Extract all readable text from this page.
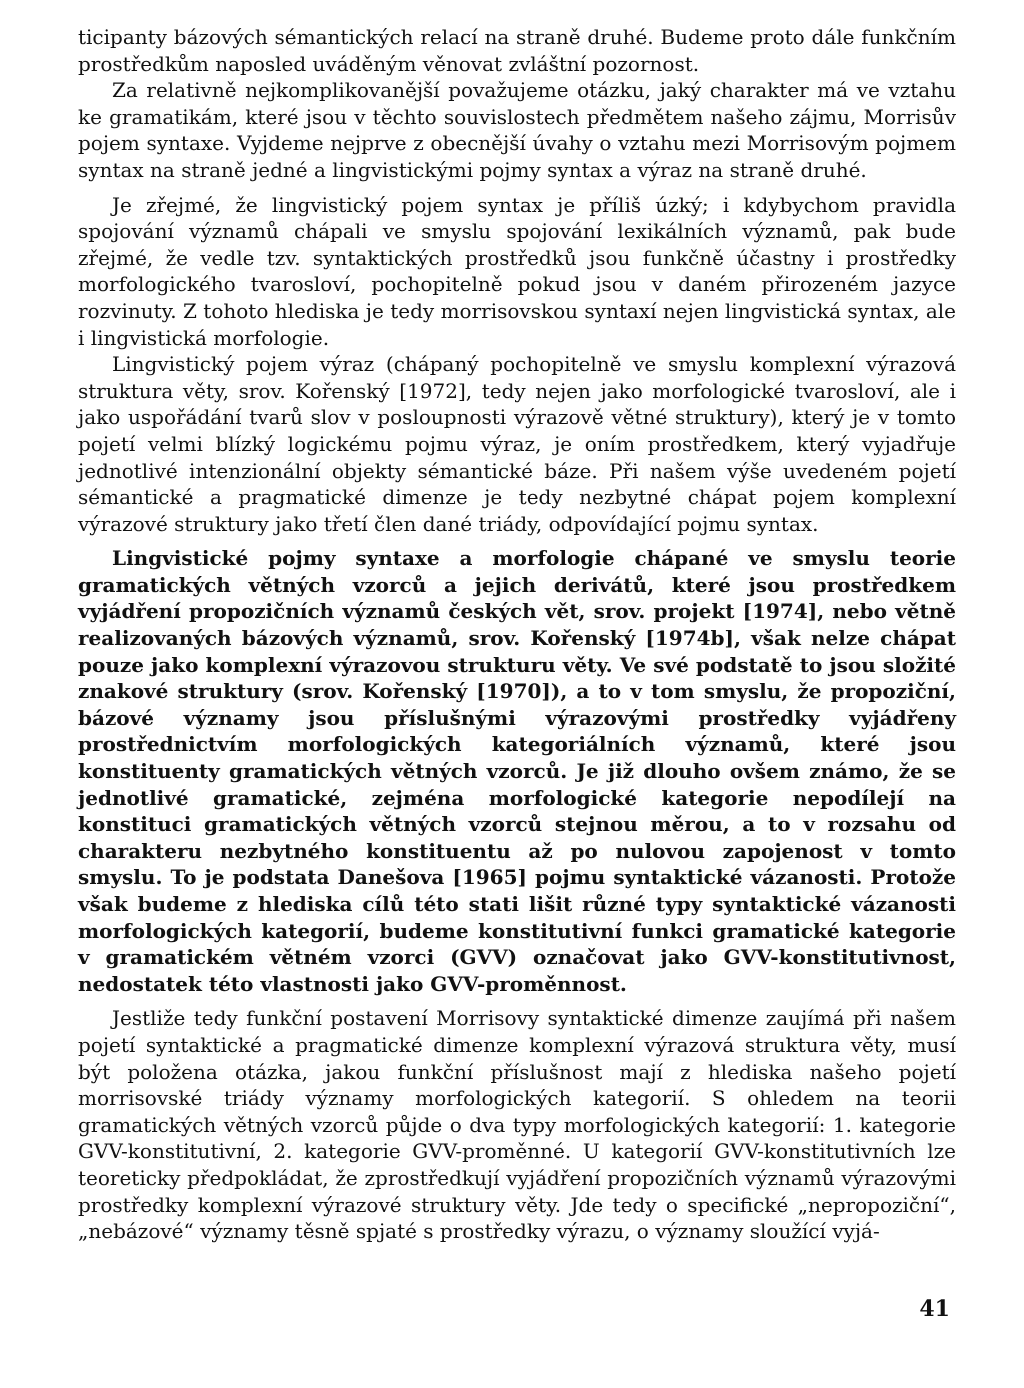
ticipanty bázových sémantických relací na straně druhé. Budeme proto dále funkčním prostředkům naposled uváděným věnovat zvláštní pozornost.

Za relativně nejkomplikovanější považujeme otázku, jaký charakter má ve vztahu ke gramatikám, které jsou v těchto souvislostech předmětem našeho zájmu, Morrisův pojem syntaxe. Vyjdeme nejprve z obecnější úvahy o vztahu mezi Morrisovým pojmem syntax na straně jedné a lingvistickými pojmy syntax a výraz na straně druhé.

Je zřejmé, že lingvistický pojem syntax je příliš úzký; i kdybychom pravidla spojování významů chápali ve smyslu spojování lexikálních významů, pak bude zřejmé, že vedle tzv. syntaktických prostředků jsou funkčně účastny i prostředky morfologického tvarosloví, pochopitelně pokud jsou v daném přirozeném jazyce rozvinuty. Z tohoto hlediska je tedy morrisovskou syntaxí nejen lingvistická syntax, ale i lingvistická morfologie.

Lingvistický pojem výraz (chápaný pochopitelně ve smyslu komplexní výrazová struktura věty, srov. Kořenský [1972], tedy nejen jako morfologické tvarosloví, ale i jako uspořádání tvarů slov v posloupnosti výrazově větné struktury), který je v tomto pojetí velmi blízký logickému pojmu výraz, je oním prostředkem, který vyjadřuje jednotlivé intenzionální objekty sémantické báze. Při našem výše uvedeném pojetí sémantické a pragmatické dimenze je tedy nezbytné chápat pojem komplexní výrazové struktury jako třetí člen dané triády, odpovídající pojmu syntax.

Lingvistické pojmy syntaxe a morfologie chápané ve smyslu teorie gramatických větných vzorců a jejich derivátů, které jsou prostředkem vyjádření propozičních významů českých vět, srov. projekt [1974], nebo větně realizovaných bázových významů, srov. Kořenský [1974b], však nelze chápat pouze jako komplexní výrazovou strukturu věty. Ve své podstatě to jsou složité znakové struktury (srov. Kořenský [1970]), a to v tom smyslu, že propoziční, bázové významy jsou příslušnými výrazovými prostředky vyjádřeny prostřednictvím morfologických kategoriálních významů, které jsou konstituenty gramatických větných vzorců. Je již dlouho ovšem známo, že se jednotlivé gramatické, zejména morfologické kategorie nepodílejí na konstituci gramatických větných vzorců stejnou měrou, a to v rozsahu od charakteru nezbytného konstituentu až po nulovou zapojenost v tomto smyslu. To je podstata Danešova [1965] pojmu syntaktické vázanosti. Protože však budeme z hlediska cílů této stati lišit různé typy syntaktické vázanosti morfologických kategorií, budeme konstitutivní funkci gramatické kategorie v gramatickém větném vzorci (GVV) označovat jako GVV-konstitutivnost, nedostatek této vlastnosti jako GVV-proměnnost.

Jestliže tedy funkční postavení Morrisovy syntaktické dimenze zaujímá při našem pojetí syntaktické a pragmatické dimenze komplexní výrazová struktura věty, musí být položena otázka, jakou funkční příslušnost mají z hlediska našeho pojetí morrisovské triády významy morfologických kategorií. S ohledem na teorii gramatických větných vzorců půjde o dva typy morfologických kategorií: 1. kategorie GVV-konstitutivní, 2. kategorie GVV-proměnné. U kategorií GVV-konstitutivních lze teoreticky předpokládat, že zprostředkují vyjádření propozičních významů výrazovými prostředky komplexní výrazové struktury věty. Jde tedy o specifické „nepropoziční“, „nebázové“ významy těsně spjaté s prostředky výrazu, o významy sloužící vyjá-

41
